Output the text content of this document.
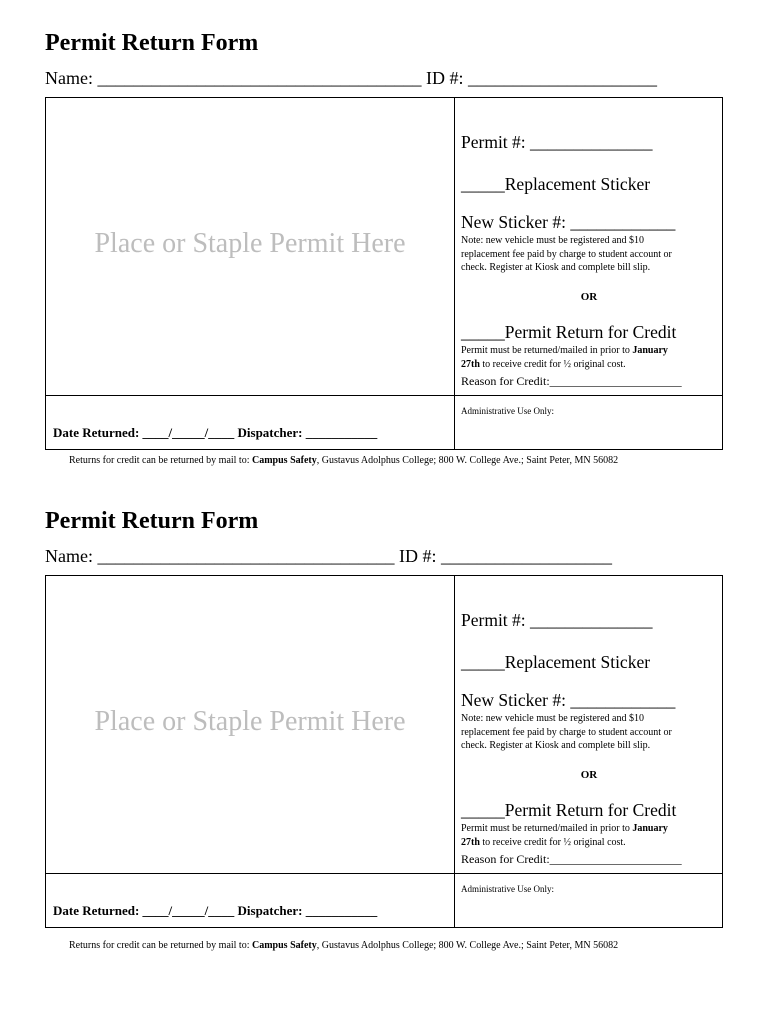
Permit Return Form
Name: ____________________________________ ID #: _____________________
Place or Staple Permit Here
Permit #: ______________
_____Replacement Sticker
New Sticker #: ____________
Note: new vehicle must be registered and $10
replacement fee paid by charge to student account or
check. Register at Kiosk and complete bill slip.
OR
_____Permit Return for Credit
Permit must be returned/mailed in prior to January
27th to receive credit for ½ original cost.
Reason for Credit:______________________
Administrative Use Only:
Date Returned: ____/_____/____ Dispatcher: ___________
Returns for credit can be returned by mail to: Campus Safety, Gustavus Adolphus College; 800 W. College Ave.; Saint Peter, MN 56082
Permit Return Form
Name: _________________________________ ID #: ___________________
Place or Staple Permit Here
Permit #: ______________
_____Replacement Sticker
New Sticker #: ____________
Note: new vehicle must be registered and $10
replacement fee paid by charge to student account or
check. Register at Kiosk and complete bill slip.
OR
_____Permit Return for Credit
Permit must be returned/mailed in prior to January
27th to receive credit for ½ original cost.
Reason for Credit:______________________
Administrative Use Only:
Date Returned: ____/_____/____ Dispatcher: ___________
Returns for credit can be returned by mail to: Campus Safety, Gustavus Adolphus College; 800 W. College Ave.; Saint Peter, MN 56082
